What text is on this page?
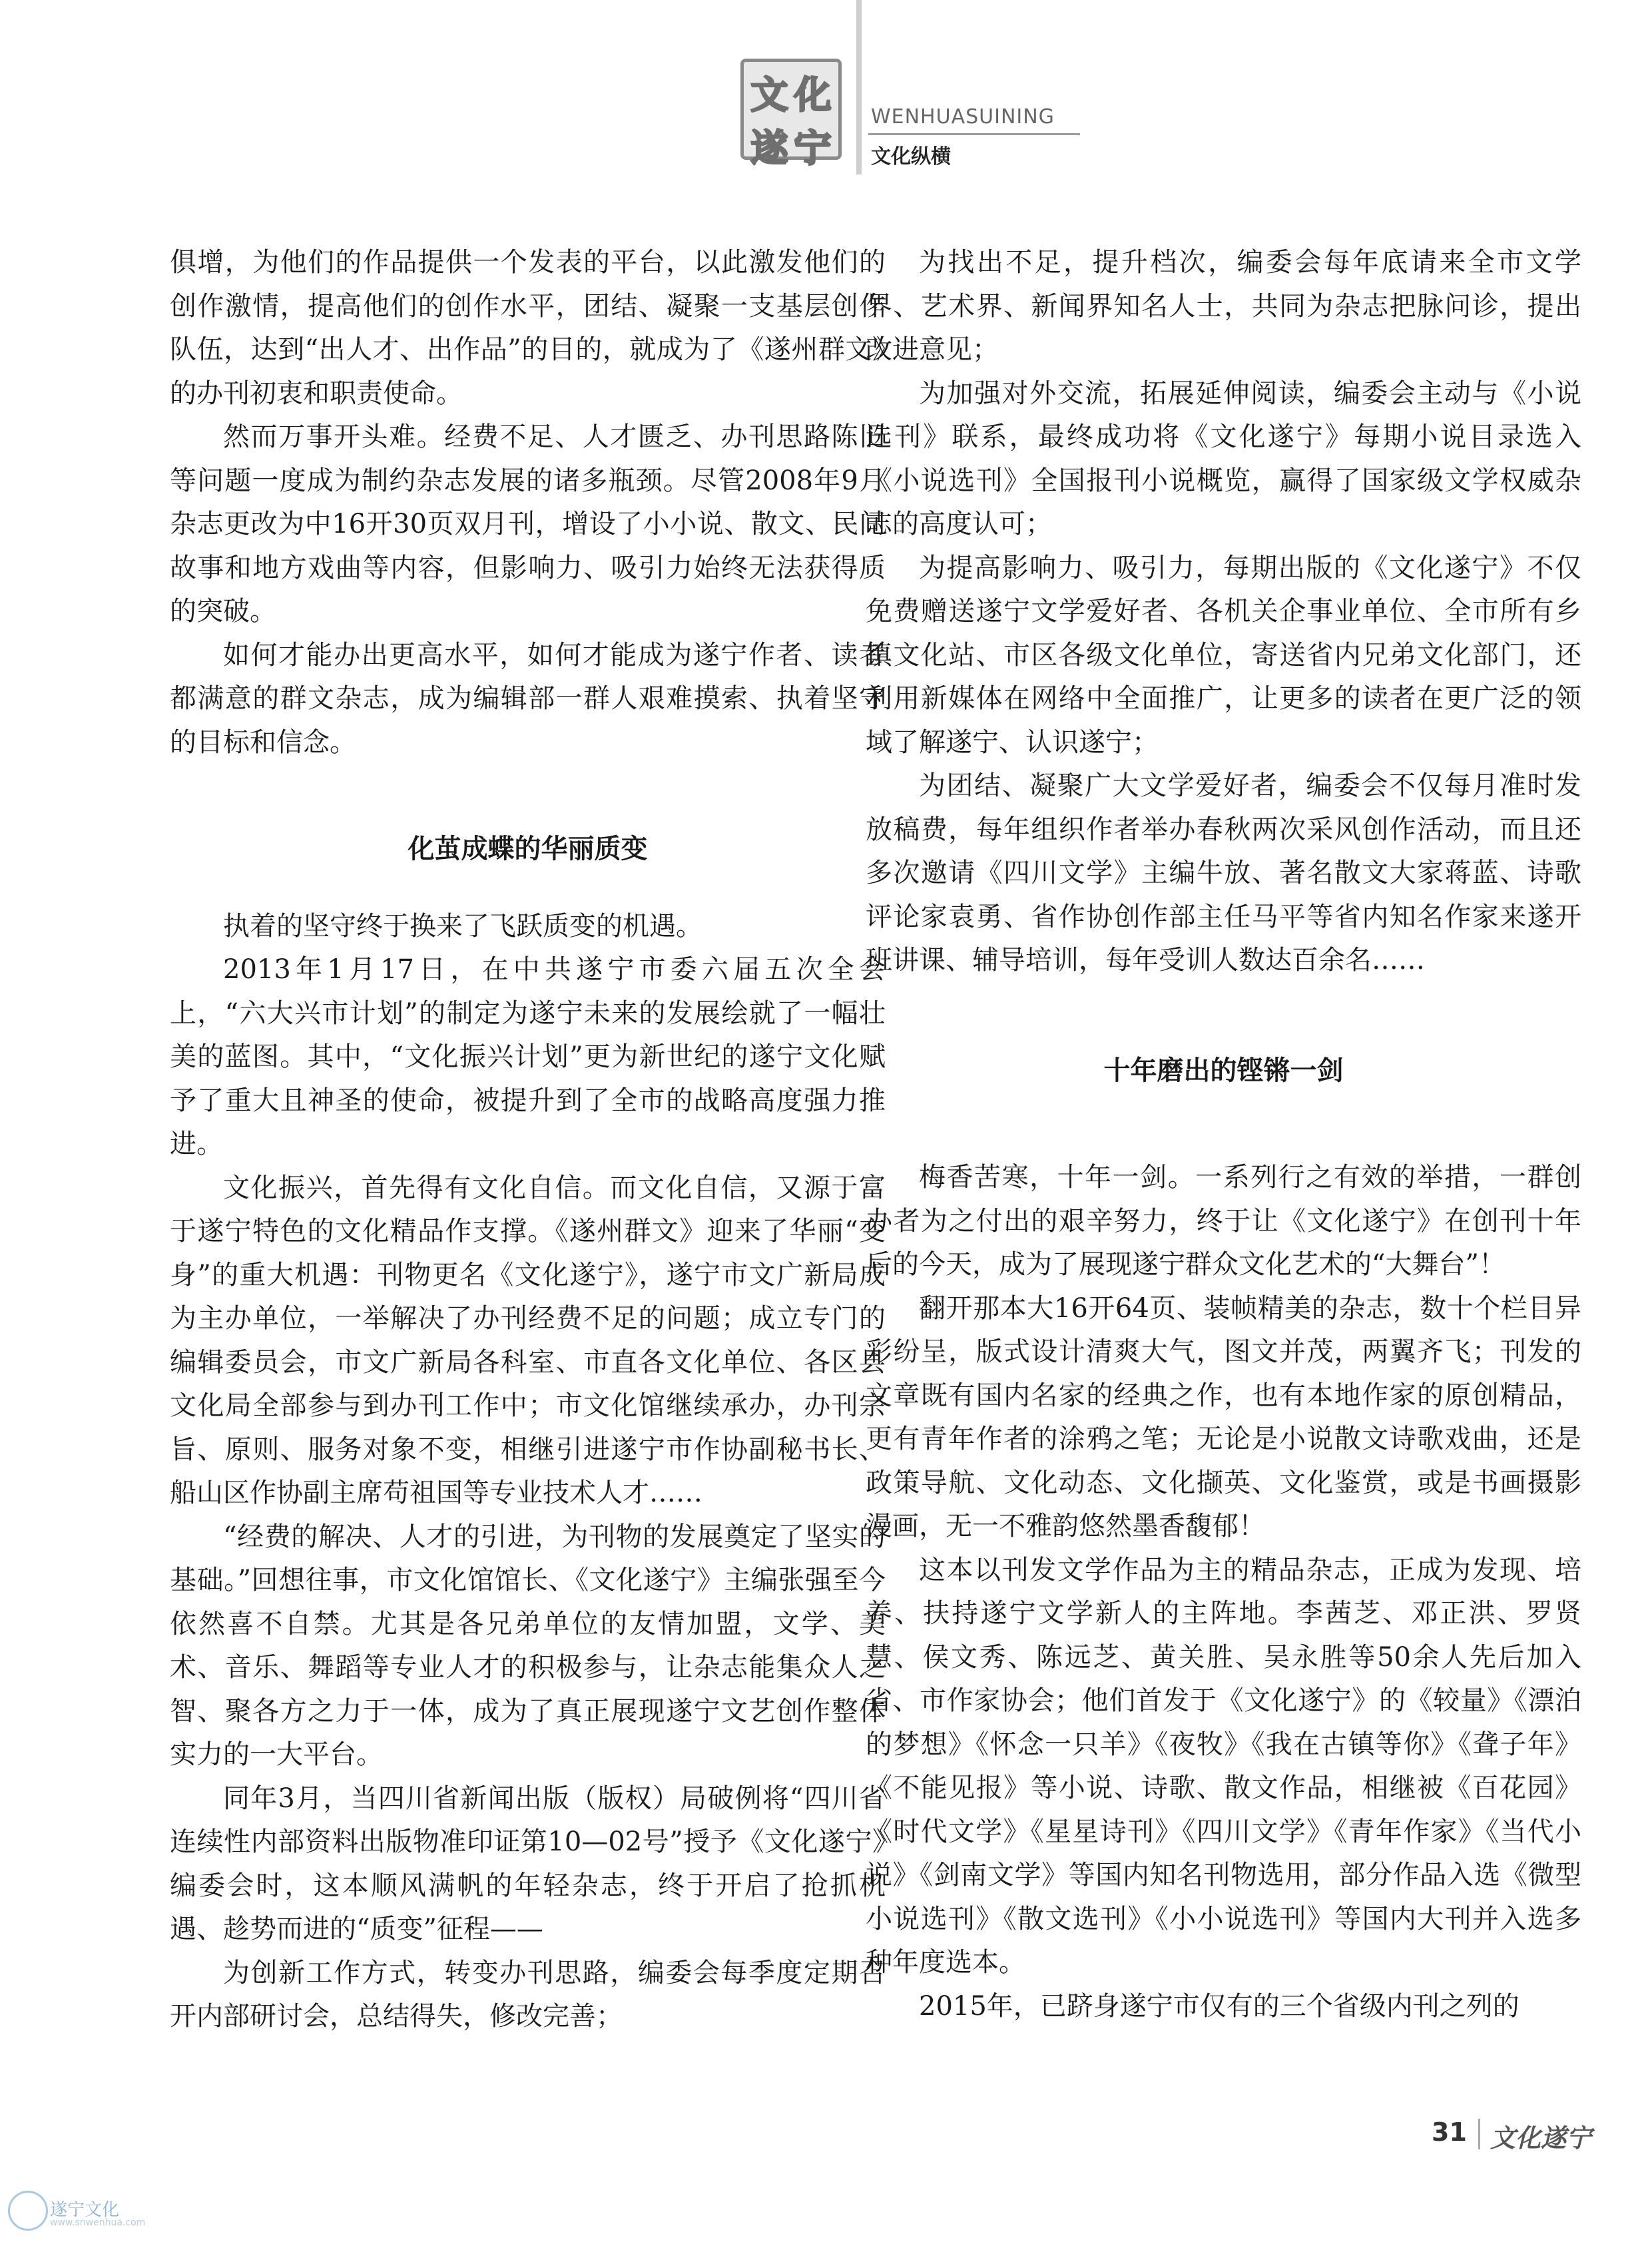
文 化
遂 宁
WENHUASUINING
文化纵横

俱增，为他们的作品提供一个发表的平台，以此激发他们的创作激情，提高他们的创作水平，团结、凝聚一支基层创作队伍，达到“出人才、出作品”的目的，就成为了《遂州群文》的办刊初衷和职责使命。

然而万事开头难。经费不足、人才匮乏、办刊思路陈旧等问题一度成为制约杂志发展的诸多瓶颈。尽管2008年9月杂志更改为中16开30页双月刊，增设了小小说、散文、民间故事和地方戏曲等内容，但影响力、吸引力始终无法获得质的突破。

如何才能办出更高水平，如何才能成为遂宁作者、读者都满意的群文杂志，成为编辑部一群人艰难摸索、执着坚守的目标和信念。

化茧成蝶的华丽质变

执着的坚守终于换来了飞跃质变的机遇。

2013年1月17日，在中共遂宁市委六届五次全会上，“六大兴市计划”的制定为遂宁未来的发展绘就了一幅壮美的蓝图。其中，“文化振兴计划”更为新世纪的遂宁文化赋予了重大且神圣的使命，被提升到了全市的战略高度强力推进。

文化振兴，首先得有文化自信。而文化自信，又源于富于遂宁特色的文化精品作支撑。《遂州群文》迎来了华丽“变身”的重大机遇：刊物更名《文化遂宁》，遂宁市文广新局成为主办单位，一举解决了办刊经费不足的问题；成立专门的编辑委员会，市文广新局各科室、市直各文化单位、各区县文化局全部参与到办刊工作中；市文化馆继续承办，办刊宗旨、原则、服务对象不变，相继引进遂宁市作协副秘书长、船山区作协副主席苟祖国等专业技术人才……

“经费的解决、人才的引进，为刊物的发展奠定了坚实的基础。”回想往事，市文化馆馆长、《文化遂宁》主编张强至今依然喜不自禁。尤其是各兄弟单位的友情加盟，文学、美术、音乐、舞蹈等专业人才的积极参与，让杂志能集众人之智、聚各方之力于一体，成为了真正展现遂宁文艺创作整体实力的一大平台。

同年3月，当四川省新闻出版（版权）局破例将“四川省连续性内部资料出版物准印证第10—02号”授予《文化遂宁》编委会时，这本顺风满帆的年轻杂志，终于开启了抢抓机遇、趁势而进的“质变”征程——

为创新工作方式，转变办刊思路，编委会每季度定期召开内部研讨会，总结得失，修改完善；

为找出不足，提升档次，编委会每年底请来全市文学界、艺术界、新闻界知名人士，共同为杂志把脉问诊，提出改进意见；

为加强对外交流，拓展延伸阅读，编委会主动与《小说选刊》联系，最终成功将《文化遂宁》每期小说目录选入《小说选刊》全国报刊小说概览，赢得了国家级文学权威杂志的高度认可；

为提高影响力、吸引力，每期出版的《文化遂宁》不仅免费赠送遂宁文学爱好者、各机关企事业单位、全市所有乡镇文化站、市区各级文化单位，寄送省内兄弟文化部门，还利用新媒体在网络中全面推广，让更多的读者在更广泛的领域了解遂宁、认识遂宁；

为团结、凝聚广大文学爱好者，编委会不仅每月准时发放稿费，每年组织作者举办春秋两次采风创作活动，而且还多次邀请《四川文学》主编牛放、著名散文大家蒋蓝、诗歌评论家袁勇、省作协创作部主任马平等省内知名作家来遂开班讲课、辅导培训，每年受训人数达百余名……

十年磨出的铿锵一剑

梅香苦寒，十年一剑。一系列行之有效的举措，一群创办者为之付出的艰辛努力，终于让《文化遂宁》在创刊十年后的今天，成为了展现遂宁群众文化艺术的“大舞台”！

翻开那本大16开64页、装帧精美的杂志，数十个栏目异彩纷呈，版式设计清爽大气，图文并茂，两翼齐飞；刊发的文章既有国内名家的经典之作，也有本地作家的原创精品，更有青年作者的涂鸦之笔；无论是小说散文诗歌戏曲，还是政策导航、文化动态、文化撷英、文化鉴赏，或是书画摄影漫画，无一不雅韵悠然墨香馥郁！

这本以刊发文学作品为主的精品杂志，正成为发现、培养、扶持遂宁文学新人的主阵地。李茜芝、邓正洪、罗贤慧、侯文秀、陈远芝、黄关胜、吴永胜等50余人先后加入省、市作家协会；他们首发于《文化遂宁》的《较量》《漂泊的梦想》《怀念一只羊》《夜牧》《我在古镇等你》《聋子年》《不能见报》等小说、诗歌、散文作品，相继被《百花园》《时代文学》《星星诗刊》《四川文学》《青年作家》《当代小说》《剑南文学》等国内知名刊物选用，部分作品入选《微型小说选刊》《散文选刊》《小小说选刊》等国内大刊并入选多种年度选本。

2015年，已跻身遂宁市仅有的三个省级内刊之列的

31 文化遂宁
遂宁文化
www.snwenhua.com
